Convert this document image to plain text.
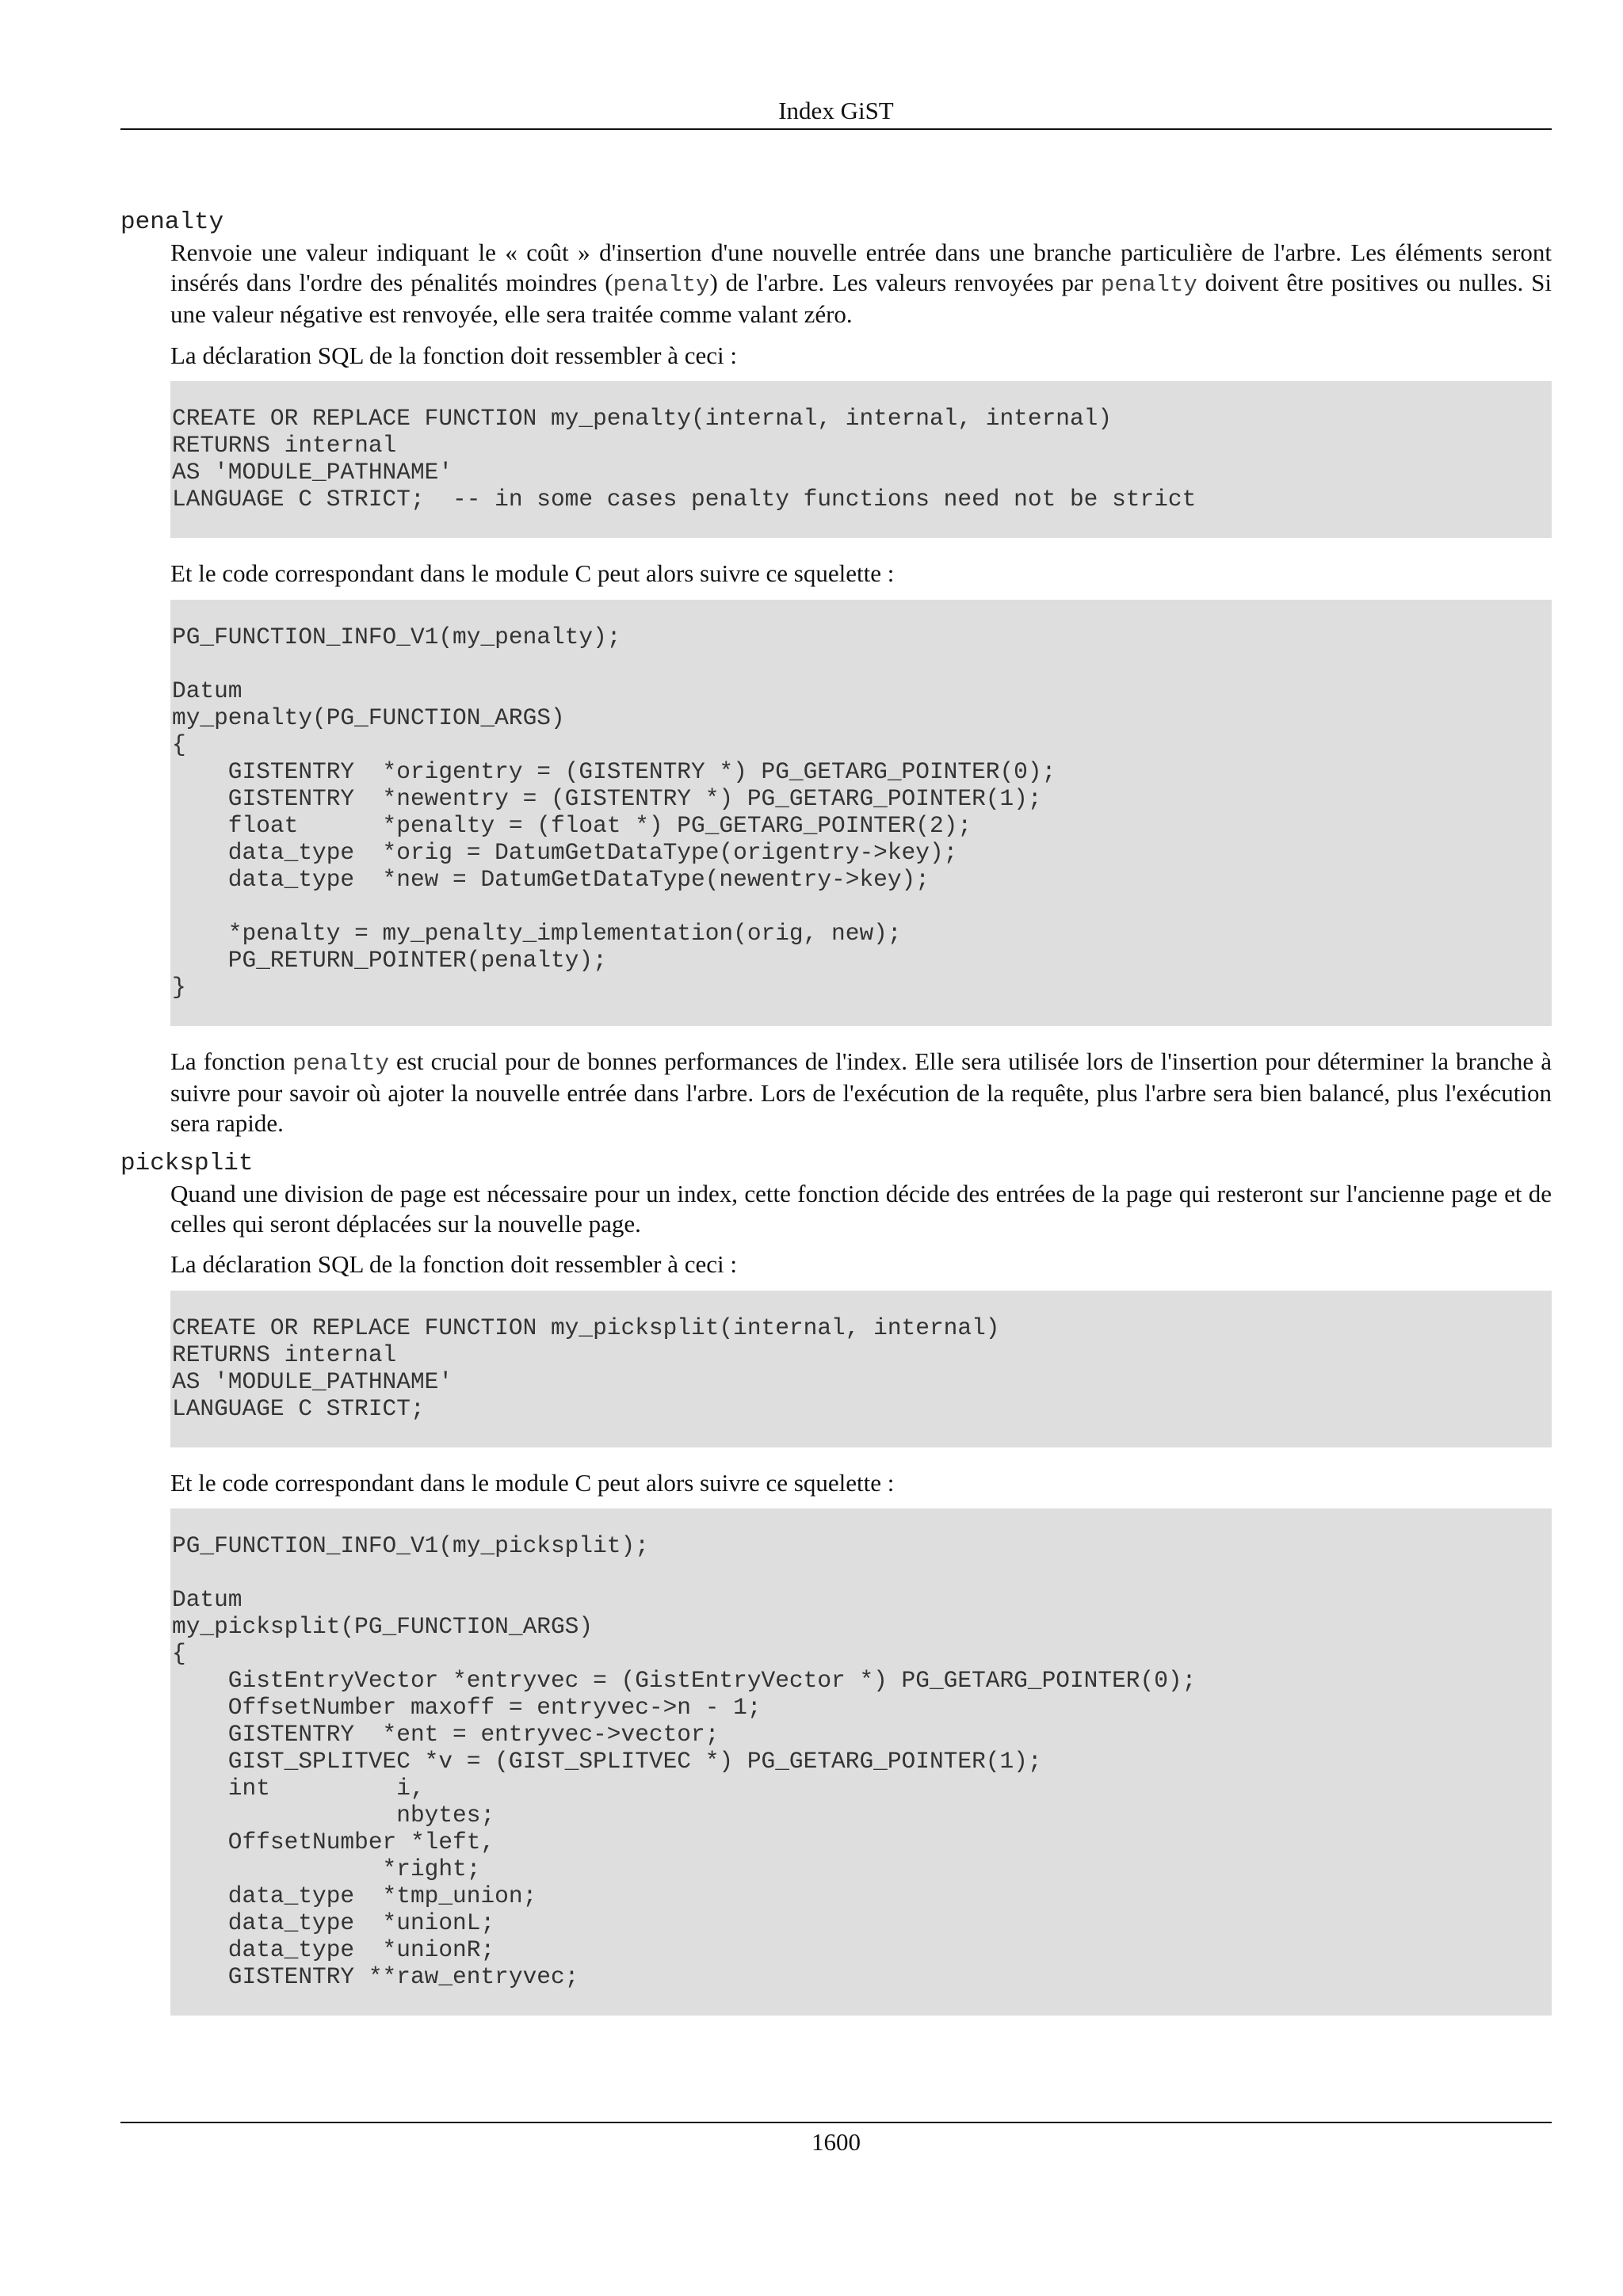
Index GiST
penalty

Renvoie une valeur indiquant le « coût » d'insertion d'une nouvelle entrée dans une branche particulière de l'arbre. Les éléments seront insérés dans l'ordre des pénalités moindres (penalty) de l'arbre. Les valeurs renvoyées par penalty doivent être positives ou nulles. Si une valeur négative est renvoyée, elle sera traitée comme valant zéro.

La déclaration SQL de la fonction doit ressembler à ceci :

CREATE OR REPLACE FUNCTION my_penalty(internal, internal, internal)
RETURNS internal
AS 'MODULE_PATHNAME'
LANGUAGE C STRICT;  -- in some cases penalty functions need not be strict

Et le code correspondant dans le module C peut alors suivre ce squelette :

PG_FUNCTION_INFO_V1(my_penalty);

Datum
my_penalty(PG_FUNCTION_ARGS)
{
GISTENTRY  *origentry = (GISTENTRY *) PG_GETARG_POINTER(0);
GISTENTRY  *newentry = (GISTENTRY *) PG_GETARG_POINTER(1);
float      *penalty = (float *) PG_GETARG_POINTER(2);
data_type  *orig = DatumGetDataType(origentry->key);
data_type  *new = DatumGetDataType(newentry->key);

*penalty = my_penalty_implementation(orig, new);
PG_RETURN_POINTER(penalty);
}

La fonction penalty est crucial pour de bonnes performances de l'index. Elle sera utilisée lors de l'insertion pour déterminer la branche à suivre pour savoir où ajoter la nouvelle entrée dans l'arbre. Lors de l'exécution de la requête, plus l'arbre sera bien balancé, plus l'exécution sera rapide.

picksplit

Quand une division de page est nécessaire pour un index, cette fonction décide des entrées de la page qui resteront sur l'ancienne page et de celles qui seront déplacées sur la nouvelle page.

La déclaration SQL de la fonction doit ressembler à ceci :

CREATE OR REPLACE FUNCTION my_picksplit(internal, internal)
RETURNS internal
AS 'MODULE_PATHNAME'
LANGUAGE C STRICT;

Et le code correspondant dans le module C peut alors suivre ce squelette :

PG_FUNCTION_INFO_V1(my_picksplit);

Datum
my_picksplit(PG_FUNCTION_ARGS)
{
GistEntryVector *entryvec = (GistEntryVector *) PG_GETARG_POINTER(0);
OffsetNumber maxoff = entryvec->n - 1;
GISTENTRY  *ent = entryvec->vector;
GIST_SPLITVEC *v = (GIST_SPLITVEC *) PG_GETARG_POINTER(1);
int         i,
nbytes;
OffsetNumber *left,
*right;
data_type  *tmp_union;
data_type  *unionL;
data_type  *unionR;
GISTENTRY **raw_entryvec;
1600
